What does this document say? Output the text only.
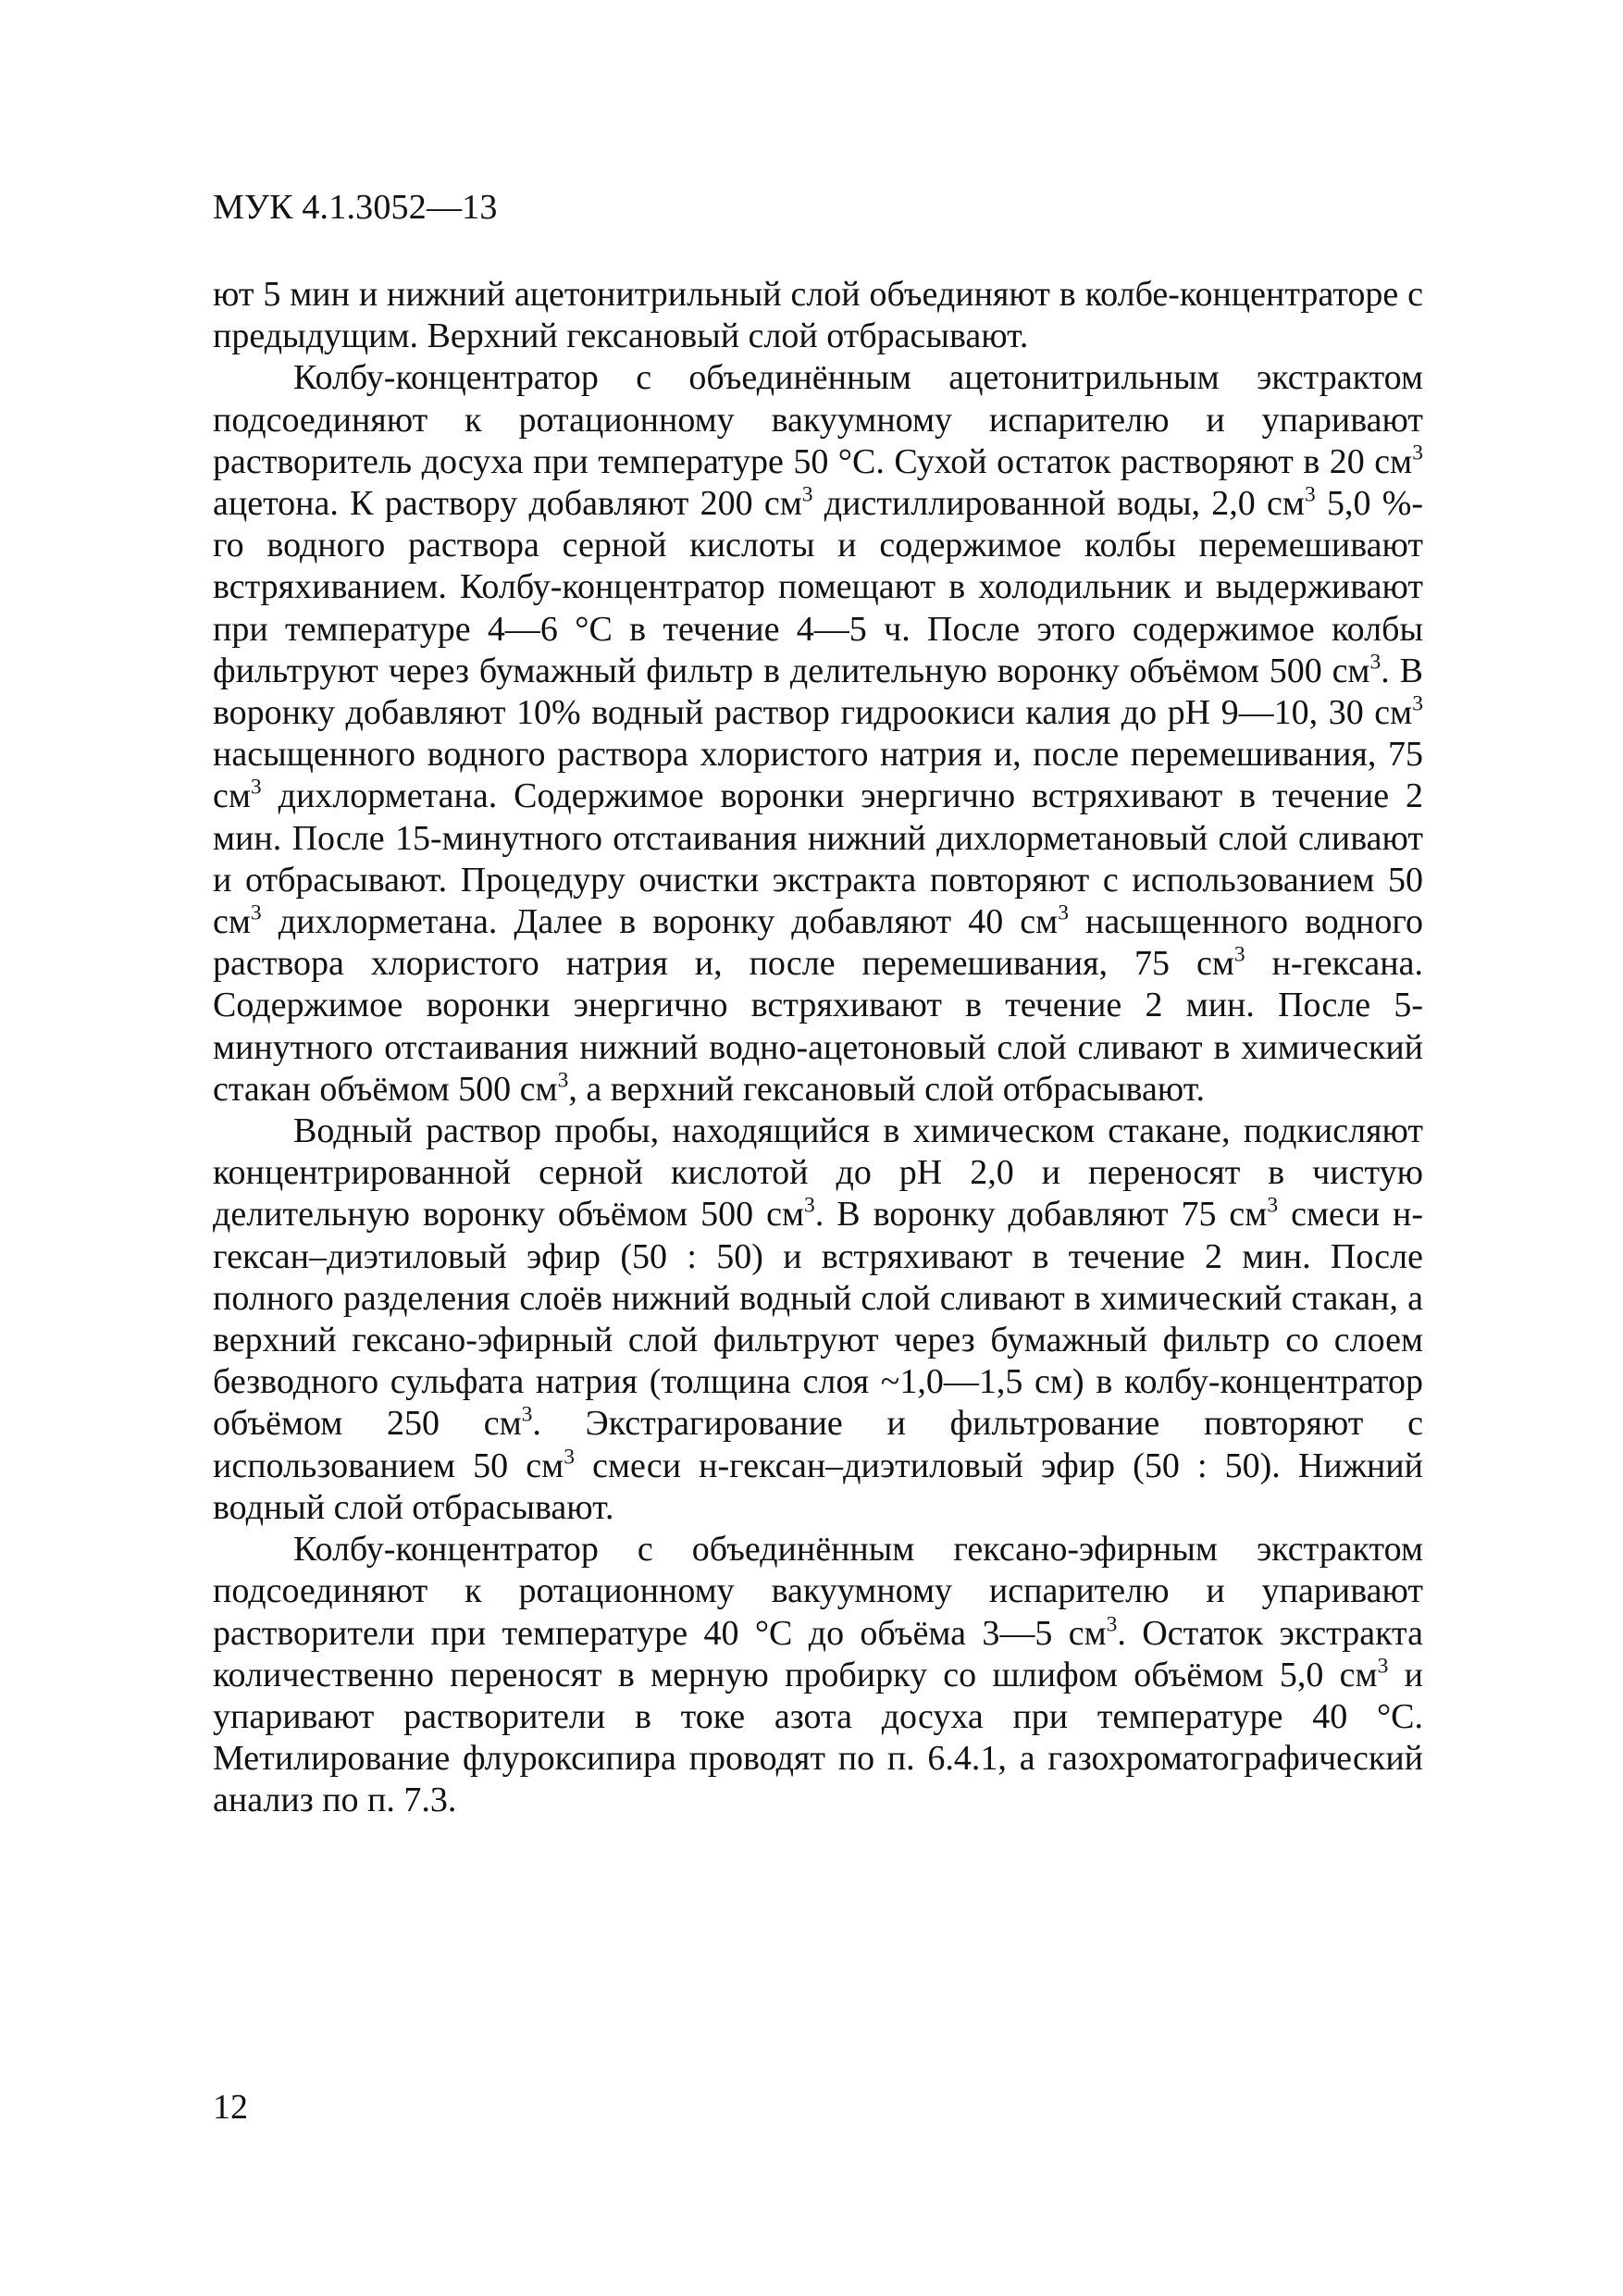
МУК 4.1.3052—13

ют 5 мин и нижний ацетонитрильный слой объединяют в колбе-концентраторе с предыдущим. Верхний гексановый слой отбрасывают.

Колбу-концентратор с объединённым ацетонитрильным экстрактом подсоединяют к ротационному вакуумному испарителю и упаривают растворитель досуха при температуре 50 °С. Сухой остаток растворяют в 20 $см^3$ ацетона. К раствору добавляют 200 $см^3$ дистиллированной воды, 2,0 $см^3$ 5,0 %-го водного раствора серной кислоты и содержимое колбы перемешивают встряхиванием. Колбу-концентратор помещают в холодильник и выдерживают при температуре 4—6 °С в течение 4—5 ч. После этого содержимое колбы фильтруют через бумажный фильтр в делительную воронку объёмом 500 $см^3$. В воронку добавляют 10% водный раствор гидроокиси калия до pH 9—10, 30 $см^3$ насыщенного водного раствора хлористого натрия и, после перемешивания, 75 $см^3$ дихлорметана. Содержимое воронки энергично встряхивают в течение 2 мин. После 15-минутного отстаивания нижний дихлорметановый слой сливают и отбрасывают. Процедуру очистки экстракта повторяют с использованием 50 $см^3$ дихлорметана. Далее в воронку добавляют 40 $см^3$ насыщенного водного раствора хлористого натрия и, после перемешивания, 75 $см^3$ н-гексана. Содержимое воронки энергично встряхивают в течение 2 мин. После 5-минутного отстаивания нижний водно-ацетоновый слой сливают в химический стакан объёмом 500 $см^3$, а верхний гексановый слой отбрасывают.

Водный раствор пробы, находящийся в химическом стакане, подкисляют концентрированной серной кислотой до pH 2,0 и переносят в чистую делительную воронку объёмом 500 $см^3$. В воронку добавляют 75 $см^3$ смеси н-гексан–диэтиловый эфир (50 : 50) и встряхивают в течение 2 мин. После полного разделения слоёв нижний водный слой сливают в химический стакан, а верхний гексано-эфирный слой фильтруют через бумажный фильтр со слоем безводного сульфата натрия (толщина слоя ~1,0—1,5 см) в колбу-концентратор объёмом 250 $см^3$. Экстрагирование и фильтрование повторяют с использованием 50 $см^3$ смеси н-гексан–диэтиловый эфир (50 : 50). Нижний водный слой отбрасывают.

Колбу-концентратор с объединённым гексано-эфирным экстрактом подсоединяют к ротационному вакуумному испарителю и упаривают растворители при температуре 40 °С до объёма 3—5 $см^3$. Остаток экстракта количественно переносят в мерную пробирку со шлифом объёмом 5,0 $см^3$ и упаривают растворители в токе азота досуха при температуре 40 °С. Метилирование флуроксипира проводят по п. 6.4.1, а газохроматографический анализ по п. 7.3.

12
